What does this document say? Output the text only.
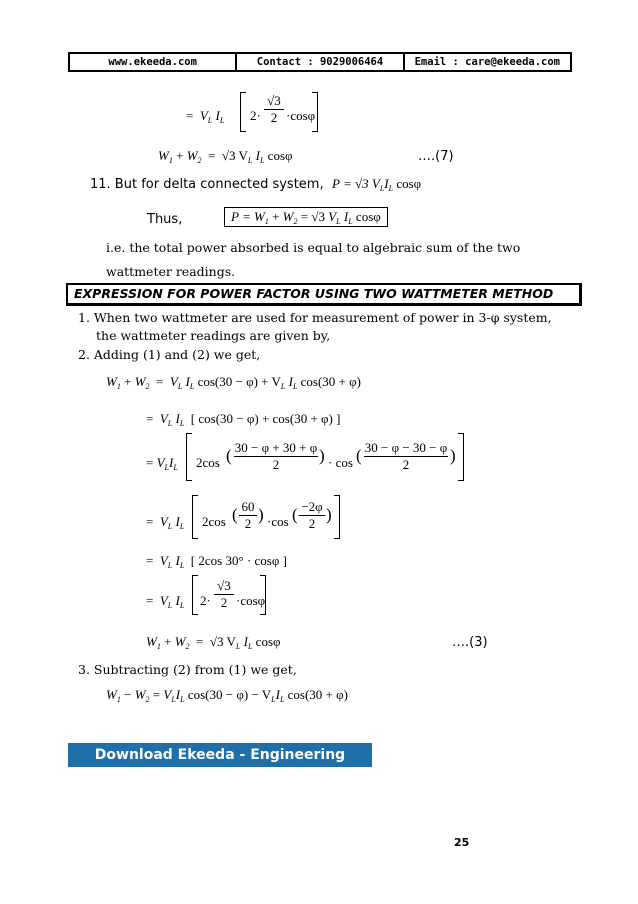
www.ekeeda.com	Contact : 9029006464	Email : care@ekeeda.com
= $V_L$ $I_L$ 2·
√3
2 ·cosφ
$W_1 + W_2 = √3$ $V_L$ $I_L$ cosφ	….(7)
11. But for delta connected system, P = √3 $V_LI_L$ cosφ
Thus,	$P = W_1 + W_2 = √3$ $V_L$ $I_L$ cosφ
i.e. the total power absorbed is equal to algebraic sum of the two
wattmeter readings.
EXPRESSION FOR POWER FACTOR USING TWO WATTMETER METHOD
1. When two wattmeter are used for measurement of power in 3-φ system,
the wattmeter readings are given by,
2. Adding (1) and (2) we get,
$W_1 + W_2 = V_L$ $I_L$ $\cos(30 - \varphi) + V_L$ $I_L$ cos(30 + φ)
=  $V_L$ $I_L$ [ cos(30 − φ) + cos(30 + φ) ]
= $V_LI_L$ 2cos ( 30 − φ + 30 + φ
2	) · cos ( 30 − φ − 30 − φ
2	)
=  $V_L$ $I_L$ 2cos ( 60
2 ) ·cos ( −2φ
2 )
=  $V_L$ $I_L$  [ 2cos 30° · cosφ ]
=  $V_L$ $I_L$ 2·
√3
2 ·cosφ
$W_1 + W_2 = √3$ $V_L$ $I_L$ cosφ	….(3)
3. Subtracting (2) from (1) we get,
$W_1 - W_2 = V_LI_L$ $\cos(30 - \varphi) - V_LI_L$ cos(30 + φ)
Download Ekeeda - Engineering Learning App
25
